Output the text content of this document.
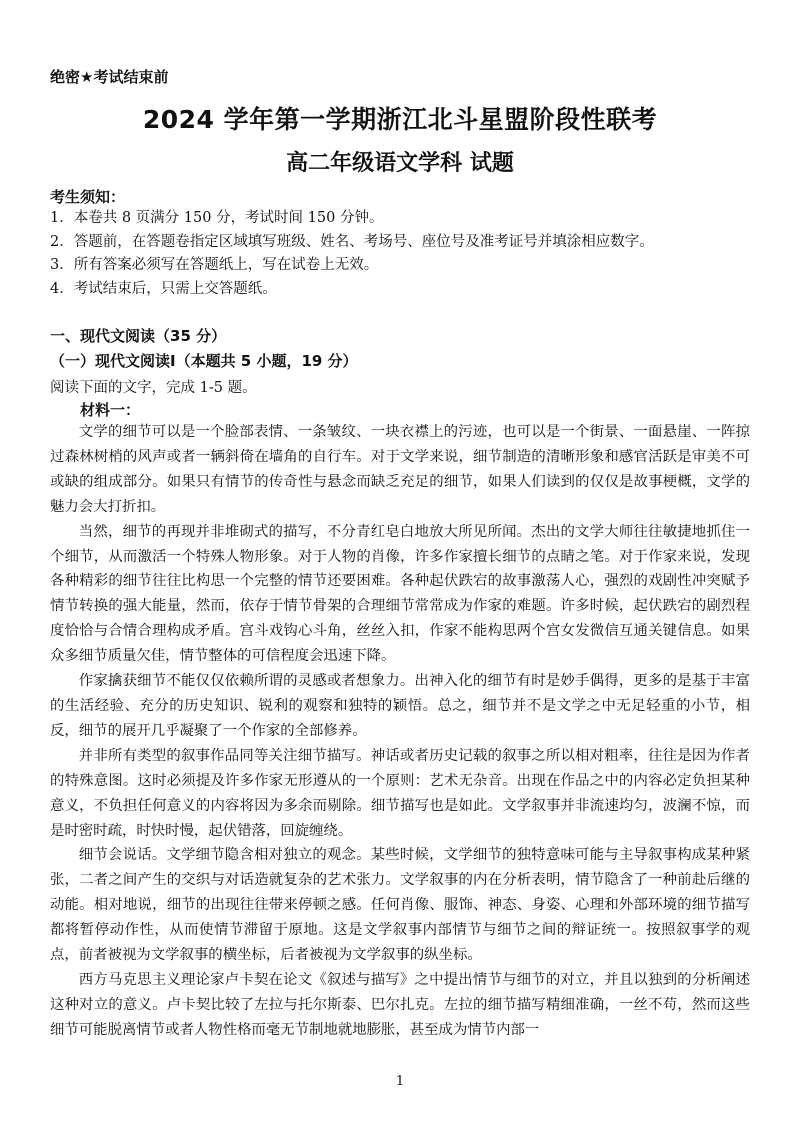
绝密★考试结束前
2024 学年第一学期浙江北斗星盟阶段性联考
高二年级语文学科 试题
考生须知：
1．本卷共 8 页满分 150 分，考试时间 150 分钟。
2．答题前，在答题卷指定区域填写班级、姓名、考场号、座位号及准考证号并填涂相应数字。
3．所有答案必须写在答题纸上，写在试卷上无效。
4．考试结束后，只需上交答题纸。
一、现代文阅读（35 分）
（一）现代文阅读Ⅰ（本题共 5 小题，19 分）
阅读下面的文字，完成 1-5 题。
材料一：

文学的细节可以是一个脸部表情、一条皱纹、一块衣襟上的污迹，也可以是一个街景、一面悬崖、一阵掠过森林树梢的风声或者一辆斜倚在墙角的自行车。对于文学来说，细节制造的清晰形象和感官活跃是审美不可或缺的组成部分。如果只有情节的传奇性与悬念而缺乏充足的细节，如果人们读到的仅仅是故事梗概，文学的魅力会大打折扣。

当然，细节的再现并非堆砌式的描写，不分青红皂白地放大所见所闻。杰出的文学大师往往敏捷地抓住一个细节，从而激活一个特殊人物形象。对于人物的肖像，许多作家擅长细节的点睛之笔。对于作家来说，发现各种精彩的细节往往比构思一个完整的情节还要困难。各种起伏跌宕的故事激荡人心，强烈的戏剧性冲突赋予情节转换的强大能量，然而，依存于情节骨架的合理细节常常成为作家的难题。许多时候，起伏跌宕的剧烈程度恰恰与合情合理构成矛盾。宫斗戏钩心斗角，丝丝入扣，作家不能构思两个宫女发微信互通关键信息。如果众多细节质量欠佳，情节整体的可信程度会迅速下降。

作家擒获细节不能仅仅依赖所谓的灵感或者想象力。出神入化的细节有时是妙手偶得，更多的是基于丰富的生活经验、充分的历史知识、锐利的观察和独特的颖悟。总之，细节并不是文学之中无足轻重的小节，相反，细节的展开几乎凝聚了一个作家的全部修养。

并非所有类型的叙事作品同等关注细节描写。神话或者历史记载的叙事之所以相对粗率，往往是因为作者的特殊意图。这时必须提及许多作家无形遵从的一个原则：艺术无杂音。出现在作品之中的内容必定负担某种意义，不负担任何意义的内容将因为多余而剔除。细节描写也是如此。文学叙事并非流速均匀，波澜不惊，而是时密时疏，时快时慢，起伏错落，回旋缠绕。

细节会说话。文学细节隐含相对独立的观念。某些时候，文学细节的独特意味可能与主导叙事构成某种紧张，二者之间产生的交织与对话造就复杂的艺术张力。文学叙事的内在分析表明，情节隐含了一种前赴后继的动能。相对地说，细节的出现往往带来停顿之感。任何肖像、服饰、神态、身姿、心理和外部环境的细节描写都将暂停动作性，从而使情节滞留于原地。这是文学叙事内部情节与细节之间的辩证统一。按照叙事学的观点，前者被视为文学叙事的横坐标，后者被视为文学叙事的纵坐标。

西方马克思主义理论家卢卡契在论文《叙述与描写》之中提出情节与细节的对立，并且以独到的分析阐述这种对立的意义。卢卡契比较了左拉与托尔斯泰、巴尔扎克。左拉的细节描写精细准确，一丝不苟，然而这些细节可能脱离情节或者人物性格而毫无节制地就地膨胀，甚至成为情节内部一

1
